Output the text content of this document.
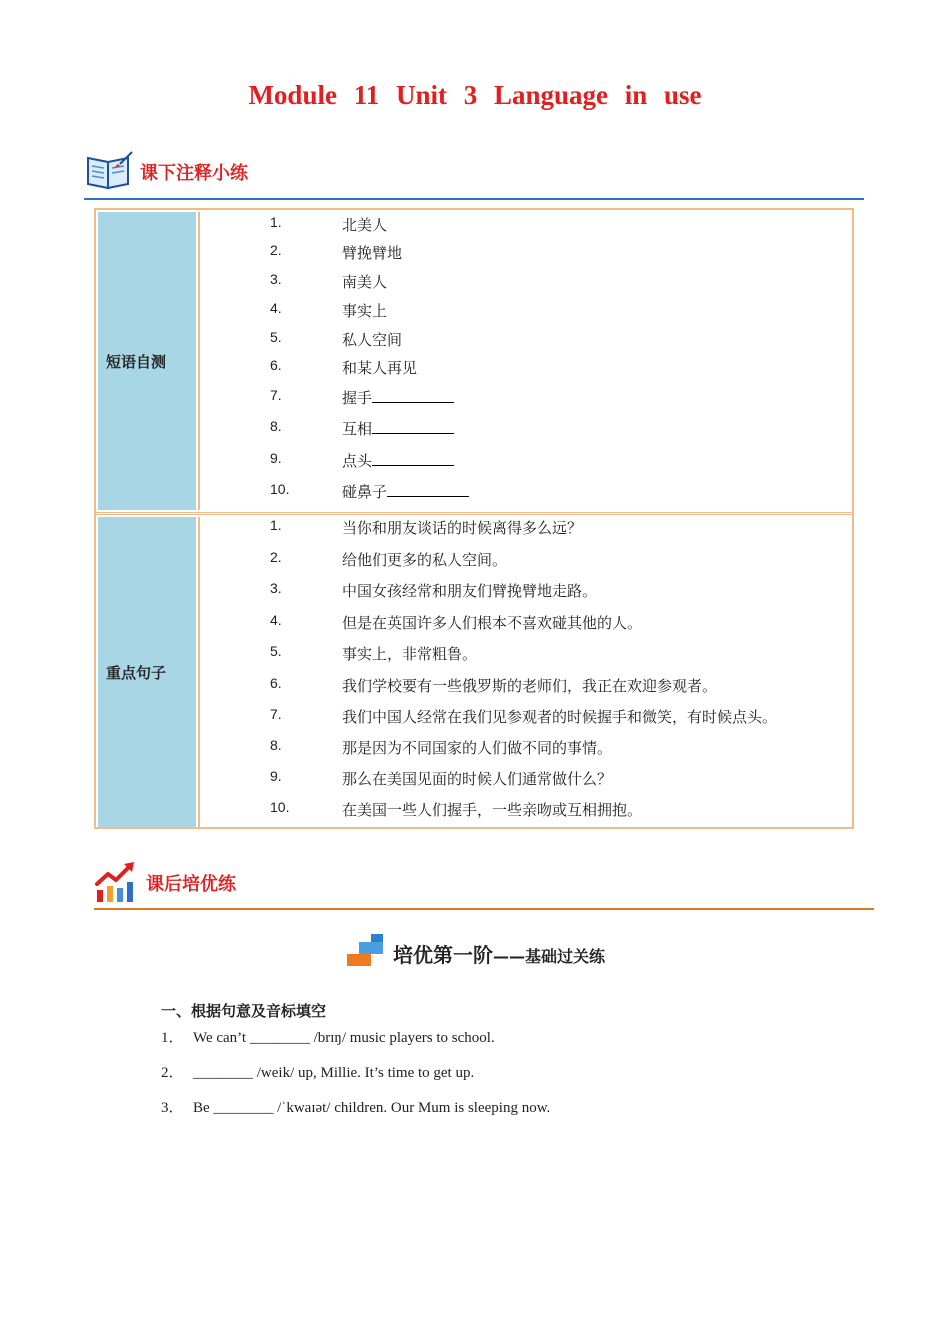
Module 11 Unit 3 Language in use
课下注释小练
短语自测
1.	北美人
2.	臂挽臂地
3.	南美人
4.	事实上
5.	私人空间
6.	和某人再见
7.	握手
8.	互相
9.	点头
10.	碰鼻子
重点句子
1.	当你和朋友谈话的时候离得多么远？
2.	给他们更多的私人空间。
3.	中国女孩经常和朋友们臂挽臂地走路。
4.	但是在英国许多人们根本不喜欢碰其他的人。
5.	事实上，非常粗鲁。
6.	我们学校要有一些俄罗斯的老师们，我正在欢迎参观者。
7.	我们中国人经常在我们见参观者的时候握手和微笑，有时候点头。
8.	那是因为不同国家的人们做不同的事情。
9.	那么在美国见面的时候人们通常做什么？
10.	在美国一些人们握手，一些亲吻或互相拥抱。
课后培优练
培优第一阶——基础过关练
一、根据句意及音标填空
1． We can’t ________ /brɪŋ/ music players to school.
2． ________ /weik/ up, Millie. It’s time to get up.
3． Be ________ /ˈkwaɪət/ children. Our Mum is sleeping now.
